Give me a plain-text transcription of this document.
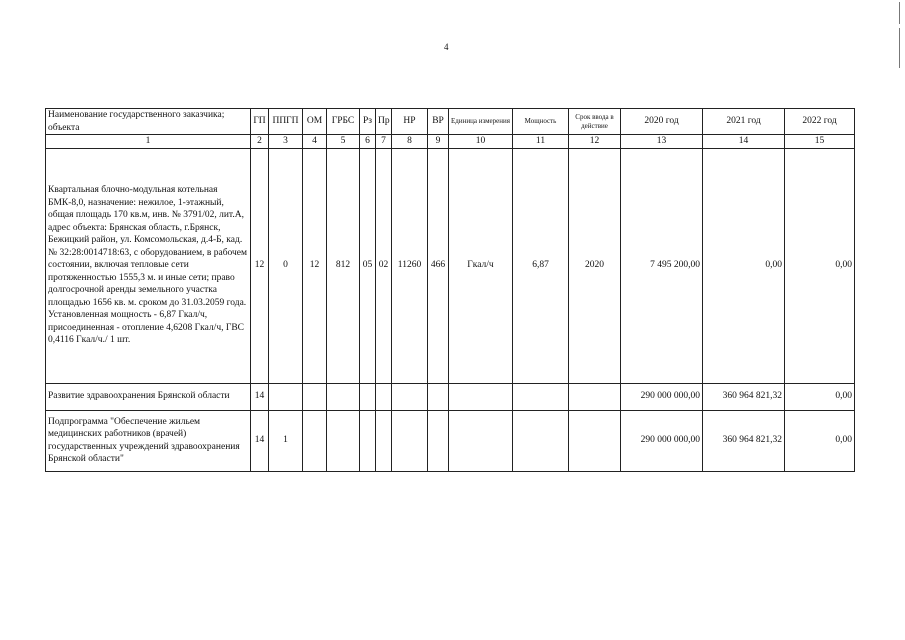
4
Наименование государственного заказчика; объекта	ГП	ППГП	ОМ	ГРБС	Рз	Пр	НР	ВР	Единица измерения	Мощность	Срок ввода в действие	2020 год	2021 год	2022 год
1	2	3	4	5	6	7	8	9	10	11	12	13	14	15
Квартальная блочно-модульная котельная БМК-8,0, назначение: нежилое, 1-этажный, общая площадь 170 кв.м, инв. № 3791/02, лит.А, адрес объекта: Брянская область, г.Брянск, Бежицкий район, ул. Комсомольская, д.4-Б, кад. № 32:28:0014718:63, с оборудованием, в рабочем состоянии, включая тепловые сети протяженностью 1555,3 м. и иные сети; право долгосрочной аренды земельного участка площадью 1656 кв. м. сроком до 31.03.2059 года. Установленная мощность - 6,87 Гкал/ч, присоединенная - отопление 4,6208 Гкал/ч, ГВС 0,4116 Гкал/ч./ 1 шт.	12	0	12	812	05	02	11260	466	Гкал/ч	6,87	2020	7 495 200,00	0,00	0,00
Развитие здравоохранения Брянской области	14											290 000 000,00	360 964 821,32	0,00
Подпрограмма "Обеспечение жильем медицинских работников (врачей) государственных учреждений здравоохранения Брянской области"	14	1										290 000 000,00	360 964 821,32	0,00
